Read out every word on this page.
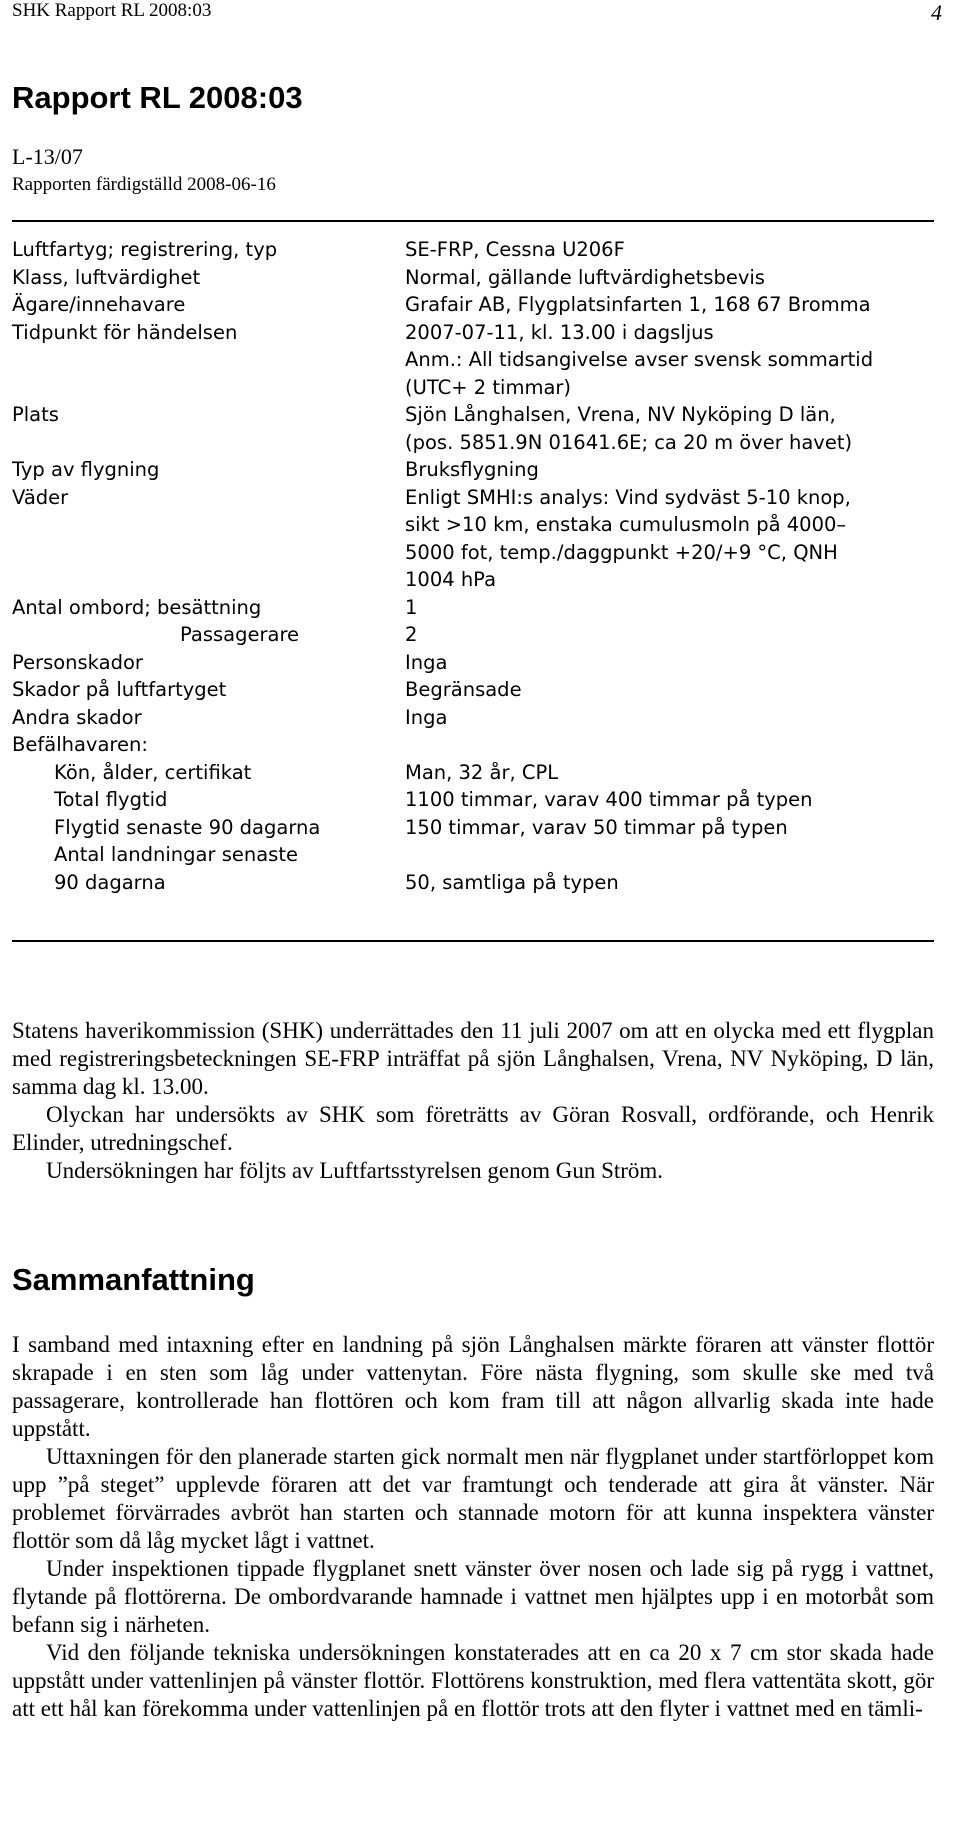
SHK Rapport RL 2008:03	4
Rapport RL 2008:03
L-13/07
Rapporten färdigställd 2008-06-16
Luftfartyg; registrering, typ	SE-FRP, Cessna U206F
Klass, luftvärdighet	Normal, gällande luftvärdighetsbevis
Ägare/innehavare	Grafair AB, Flygplatsinfarten 1, 168 67 Bromma
Tidpunkt för händelsen	2007-07-11, kl. 13.00 i dagsljus
Anm.: All tidsangivelse avser svensk sommartid
(UTC+ 2 timmar)
Plats	Sjön Långhalsen, Vrena, NV Nyköping D län,
(pos. 5851.9N 01641.6E; ca 20 m över havet)
Typ av flygning	Bruksflygning
Väder	Enligt SMHI:s analys: Vind sydväst 5-10 knop,
sikt >10 km, enstaka cumulusmoln på 4000–
5000 fot, temp./daggpunkt +20/+9 °C, QNH
1004 hPa
Antal ombord; besättning	1
Passagerare	2
Personskador	Inga
Skador på luftfartyget	Begränsade
Andra skador	Inga
Befälhavaren:
Kön, ålder, certifikat	Man, 32 år, CPL
Total flygtid	1100 timmar, varav 400 timmar på typen
Flygtid senaste 90 dagarna	150 timmar, varav 50 timmar på typen
Antal landningar senaste
90 dagarna	50, samtliga på typen

Statens haverikommission (SHK) underrättades den 11 juli 2007 om att en olycka med ett flygplan med registreringsbeteckningen SE-FRP inträffat på sjön Långhalsen, Vrena, NV Nyköping, D län, samma dag kl. 13.00.

Olyckan har undersökts av SHK som företrätts av Göran Rosvall, ordförande, och Henrik Elinder, utredningschef.

Undersökningen har följts av Luftfartsstyrelsen genom Gun Ström.

Sammanfattning

I samband med intaxning efter en landning på sjön Långhalsen märkte föraren att vänster flottör skrapade i en sten som låg under vattenytan. Före nästa flygning, som skulle ske med två passagerare, kontrollerade han flottören och kom fram till att någon allvarlig skada inte hade uppstått.

Uttaxningen för den planerade starten gick normalt men när flygplanet under startförloppet kom upp ”på steget” upplevde föraren att det var framtungt och tenderade att gira åt vänster. När problemet förvärrades avbröt han starten och stannade motorn för att kunna inspektera vänster flottör som då låg mycket lågt i vattnet.

Under inspektionen tippade flygplanet snett vänster över nosen och lade sig på rygg i vattnet, flytande på flottörerna. De ombordvarande hamnade i vattnet men hjälptes upp i en motorbåt som befann sig i närheten.

Vid den följande tekniska undersökningen konstaterades att en ca 20 x 7 cm stor skada hade uppstått under vattenlinjen på vänster flottör. Flottörens konstruktion, med flera vattentäta skott, gör att ett hål kan förekomma under vattenlinjen på en flottör trots att den flyter i vattnet med en tämli-
